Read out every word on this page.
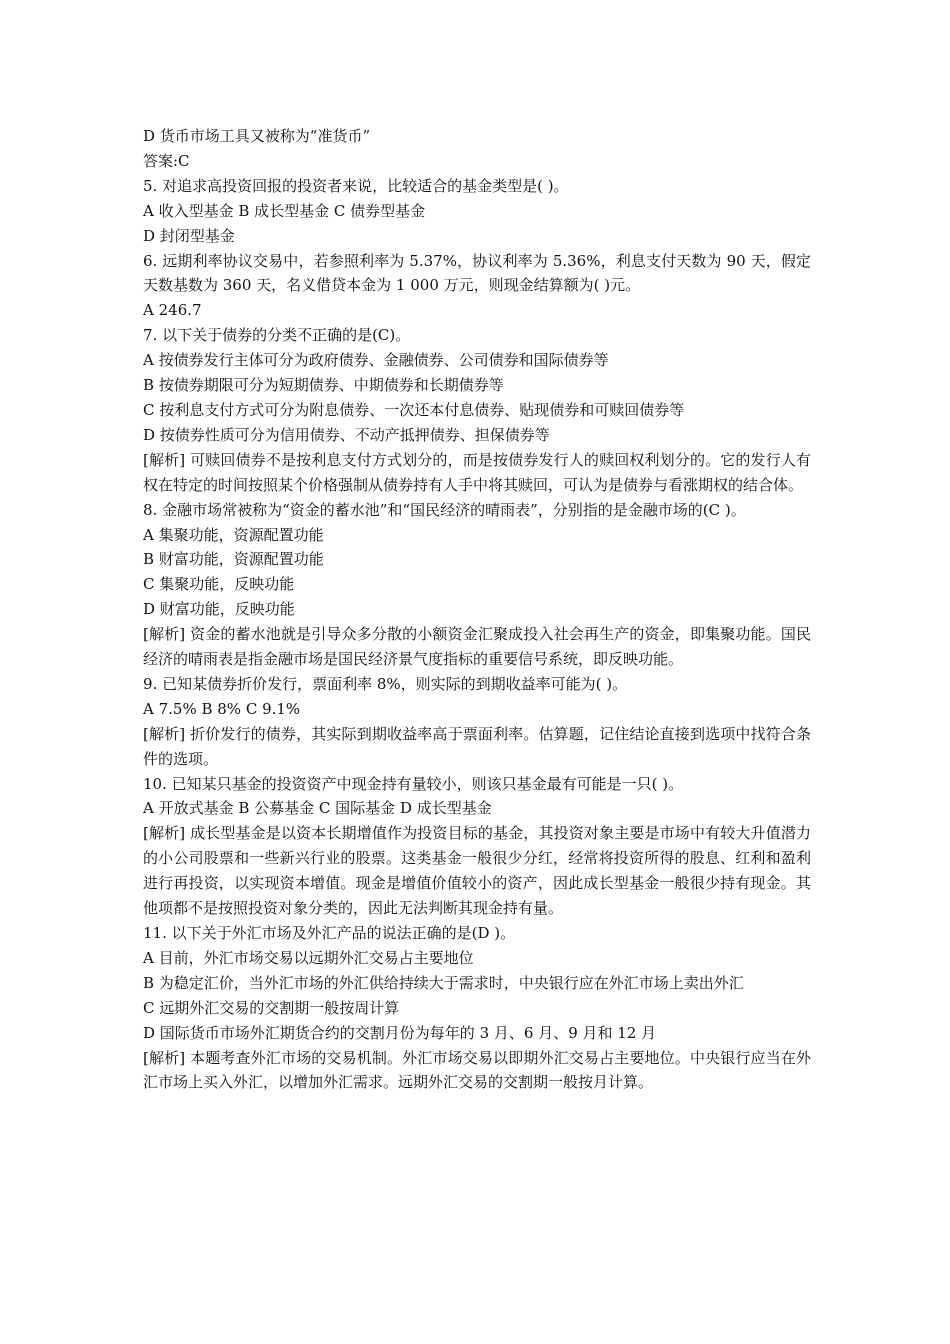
D 货币市场工具又被称为“准货币”
答案:C
5. 对追求高投资回报的投资者来说，比较适合的基金类型是( )。
A 收入型基金 B 成长型基金 C 债券型基金
D 封闭型基金
6. 远期利率协议交易中，若参照利率为 5.37%，协议利率为 5.36%，利息支付天数为 90 天，假定天数基数为 360 天，名义借贷本金为 1 000 万元，则现金结算额为( )元。
A 246.7
7. 以下关于债券的分类不正确的是(C)。
A 按债券发行主体可分为政府债券、金融债券、公司债券和国际债券等
B 按债券期限可分为短期债券、中期债券和长期债券等
C 按利息支付方式可分为附息债券、一次还本付息债券、贴现债券和可赎回债券等
D 按债券性质可分为信用债券、不动产抵押债券、担保债券等
[解析] 可赎回债券不是按利息支付方式划分的，而是按债券发行人的赎回权利划分的。它的发行人有权在特定的时间按照某个价格强制从债券持有人手中将其赎回，可认为是债券与看涨期权的结合体。
8. 金融市场常被称为“资金的蓄水池”和“国民经济的晴雨表”，分别指的是金融市场的(C )。
A 集聚功能，资源配置功能
B 财富功能，资源配置功能
C 集聚功能，反映功能
D 财富功能，反映功能
[解析] 资金的蓄水池就是引导众多分散的小额资金汇聚成投入社会再生产的资金，即集聚功能。国民经济的晴雨表是指金融市场是国民经济景气度指标的重要信号系统，即反映功能。
9. 已知某债券折价发行，票面利率 8%，则实际的到期收益率可能为( )。
A 7.5% B 8% C 9.1%
[解析] 折价发行的债券，其实际到期收益率高于票面利率。估算题，记住结论直接到选项中找符合条件的选项。
10. 已知某只基金的投资资产中现金持有量较小，则该只基金最有可能是一只( )。
A 开放式基金 B 公募基金 C 国际基金 D 成长型基金
[解析] 成长型基金是以资本长期增值作为投资目标的基金，其投资对象主要是市场中有较大升值潜力的小公司股票和一些新兴行业的股票。这类基金一般很少分红，经常将投资所得的股息、红利和盈利进行再投资，以实现资本增值。现金是增值价值较小的资产，因此成长型基金一般很少持有现金。其他项都不是按照投资对象分类的，因此无法判断其现金持有量。
11. 以下关于外汇市场及外汇产品的说法正确的是(D )。
A 目前，外汇市场交易以远期外汇交易占主要地位
B 为稳定汇价，当外汇市场的外汇供给持续大于需求时，中央银行应在外汇市场上卖出外汇
C 远期外汇交易的交割期一般按周计算
D 国际货币市场外汇期货合约的交割月份为每年的 3 月、6 月、9 月和 12 月
[解析] 本题考查外汇市场的交易机制。外汇市场交易以即期外汇交易占主要地位。中央银行应当在外汇市场上买入外汇，以增加外汇需求。远期外汇交易的交割期一般按月计算。
